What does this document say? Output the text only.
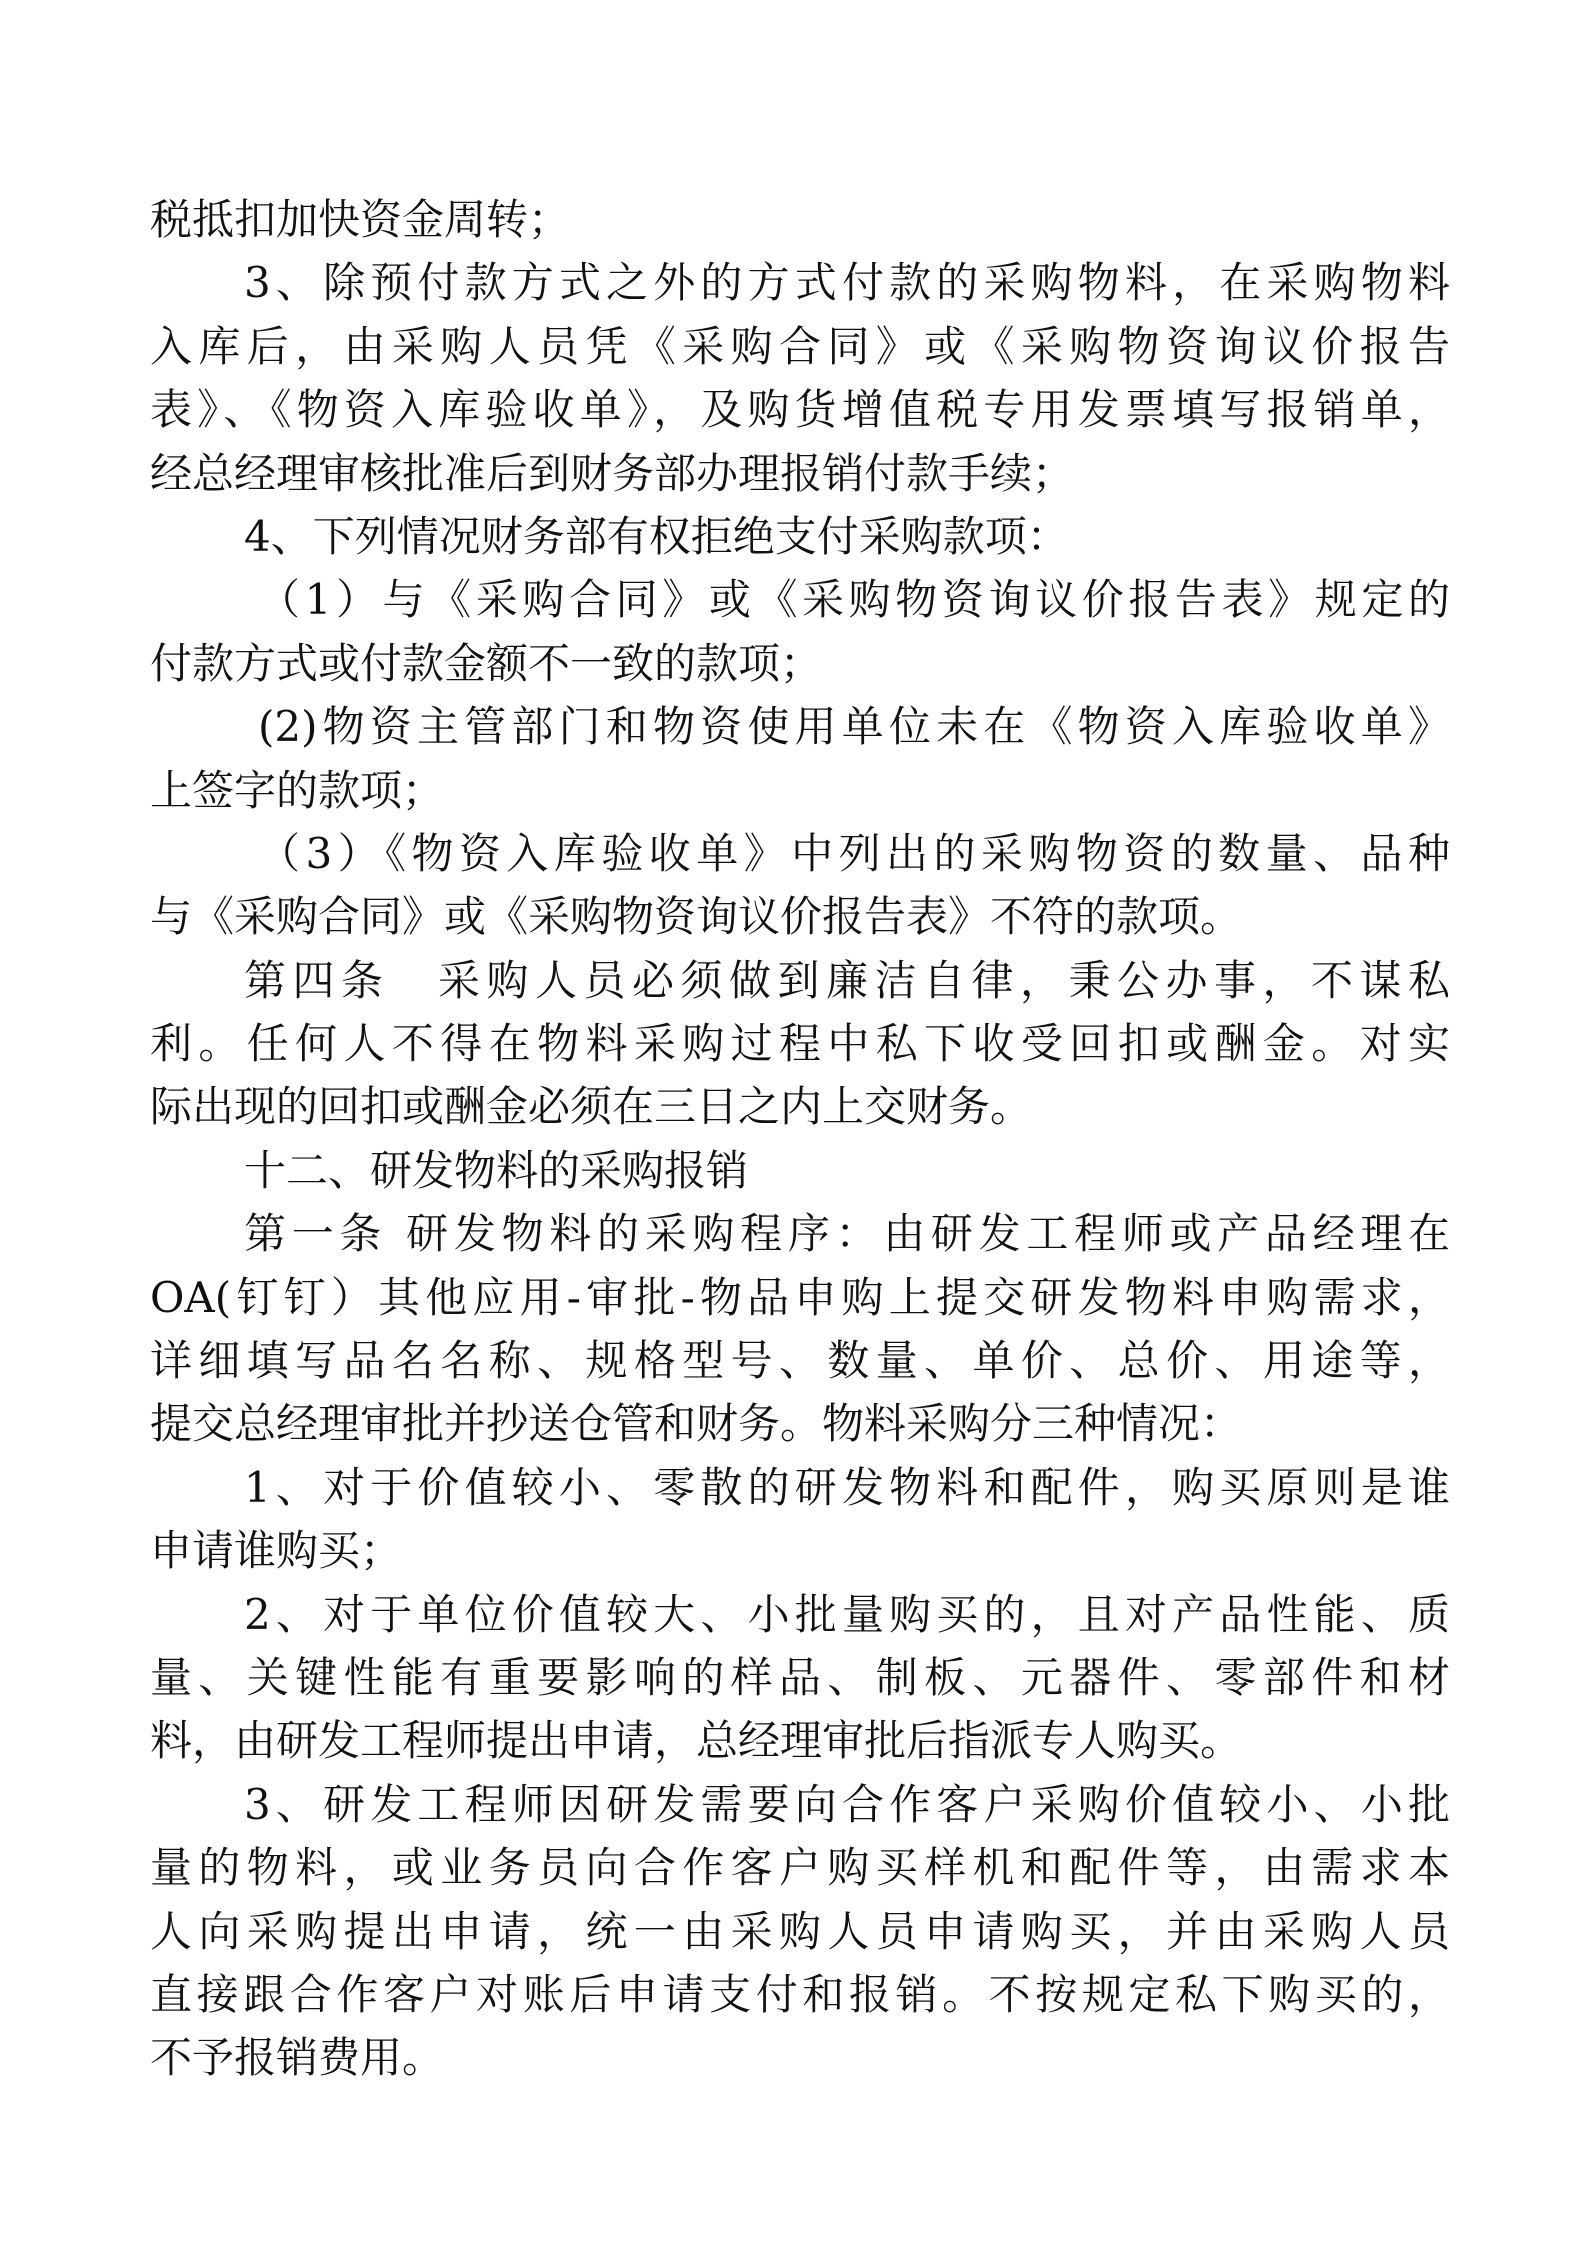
税抵扣加快资金周转；
3、除预付款方式之外的方式付款的采购物料，在采购物料
入库后，由采购人员凭《采购合同》或《采购物资询议价报告
表》、《物资入库验收单》，及购货增值税专用发票填写报销单，
经总经理审核批准后到财务部办理报销付款手续；
4、下列情况财务部有权拒绝支付采购款项：
（1）与《采购合同》或《采购物资询议价报告表》规定的
付款方式或付款金额不一致的款项；
(2)物资主管部门和物资使用单位未在《物资入库验收单》
上签字的款项；
（3）《物资入库验收单》中列出的采购物资的数量、品种
与《采购合同》或《采购物资询议价报告表》不符的款项。
第四条　采购人员必须做到廉洁自律，秉公办事，不谋私
利。任何人不得在物料采购过程中私下收受回扣或酬金。对实
际出现的回扣或酬金必须在三日之内上交财务。
十二、研发物料的采购报销
第一条 研发物料的采购程序：由研发工程师或产品经理在
OA(钉钉）其他应用-审批-物品申购上提交研发物料申购需求，
详细填写品名名称、规格型号、数量、单价、总价、用途等，
提交总经理审批并抄送仓管和财务。物料采购分三种情况：
1、对于价值较小、零散的研发物料和配件，购买原则是谁
申请谁购买；
2、对于单位价值较大、小批量购买的，且对产品性能、质
量、关键性能有重要影响的样品、制板、元器件、零部件和材
料，由研发工程师提出申请，总经理审批后指派专人购买。
3、研发工程师因研发需要向合作客户采购价值较小、小批
量的物料，或业务员向合作客户购买样机和配件等，由需求本
人向采购提出申请，统一由采购人员申请购买，并由采购人员
直接跟合作客户对账后申请支付和报销。不按规定私下购买的，
不予报销费用。
